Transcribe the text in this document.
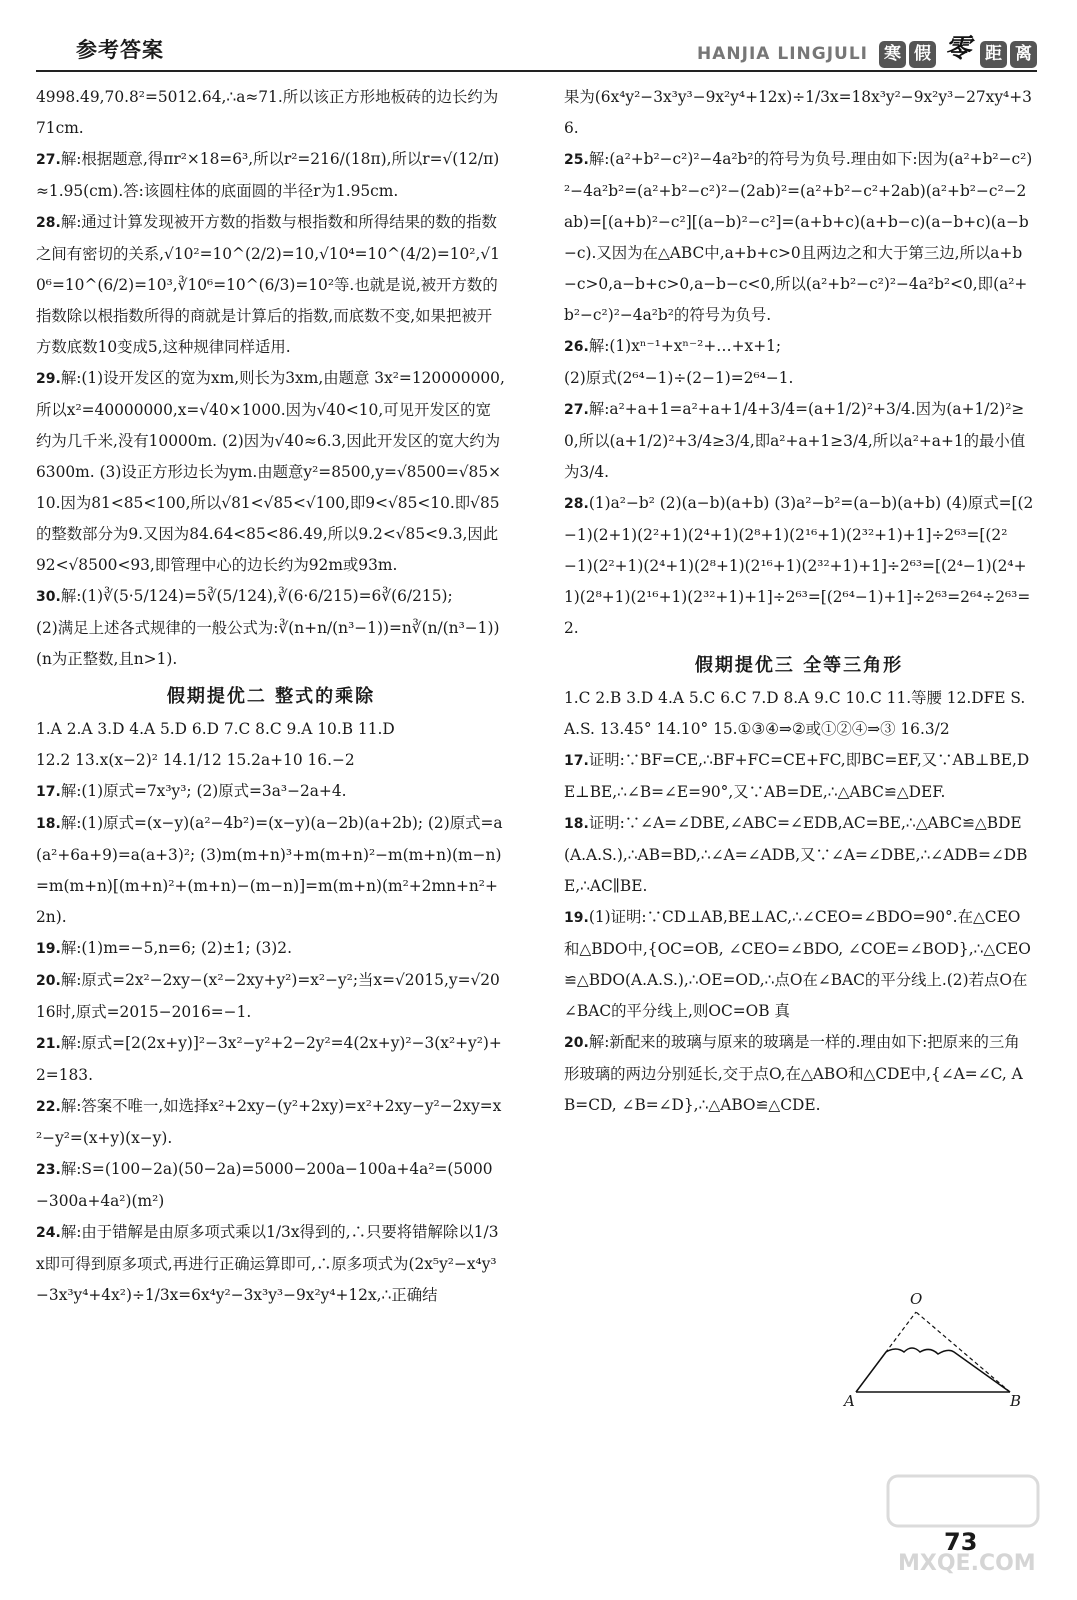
参考答案	HANJIA LINGJULI 寒 假 零 距 离

4998.49,70.8²=5012.64,∴a≈71.所以该正方形地板砖的边长约为71cm.

27.解:根据题意,得πr²×18=6³,所以r²=216/(18π),所以r=√(12/π)≈1.95(cm).答:该圆柱体的底面圆的半径r为1.95cm.

28.解:通过计算发现被开方数的指数与根指数和所得结果的数的指数之间有密切的关系,√10²=10^(2/2)=10,√10⁴=10^(4/2)=10²,√10⁶=10^(6/2)=10³,∛10⁶=10^(6/3)=10²等.也就是说,被开方数的指数除以根指数所得的商就是计算后的指数,而底数不变,如果把被开方数底数10变成5,这种规律同样适用.

29.解:(1)设开发区的宽为xm,则长为3xm,由题意 3x²=120000000,所以x²=40000000,x=√40×1000.因为√40<10,可见开发区的宽约为几千米,没有10000m. (2)因为√40≈6.3,因此开发区的宽大约为6300m. (3)设正方形边长为ym.由题意y²=8500,y=√8500=√85×10.因为81<85<100,所以√81<√85<√100,即9<√85<10.即√85的整数部分为9.又因为84.64<85<86.49,所以9.2<√85<9.3,因此92<√8500<93,即管理中心的边长约为92m或93m.

30.解:(1)∛(5·5/124)=5∛(5/124),∛(6·6/215)=6∛(6/215);

(2)满足上述各式规律的一般公式为:∛(n+n/(n³−1))=n∛(n/(n³−1))(n为正整数,且n>1).

假期提优二 整式的乘除

1.A 2.A 3.D 4.A 5.D 6.D 7.C 8.C 9.A 10.B 11.D

12.2 13.x(x−2)² 14.1/12 15.2a+10 16.−2

17.解:(1)原式=7x³y³; (2)原式=3a³−2a+4.

18.解:(1)原式=(x−y)(a²−4b²)=(x−y)(a−2b)(a+2b); (2)原式=a(a²+6a+9)=a(a+3)²; (3)m(m+n)³+m(m+n)²−m(m+n)(m−n)=m(m+n)[(m+n)²+(m+n)−(m−n)]=m(m+n)(m²+2mn+n²+2n).

19.解:(1)m=−5,n=6; (2)±1; (3)2.

20.解:原式=2x²−2xy−(x²−2xy+y²)=x²−y²;当x=√2015,y=√2016时,原式=2015−2016=−1.

21.解:原式=[2(2x+y)]²−3x²−y²+2−2y²=4(2x+y)²−3(x²+y²)+2=183.

22.解:答案不唯一,如选择x²+2xy−(y²+2xy)=x²+2xy−y²−2xy=x²−y²=(x+y)(x−y).

23.解:S=(100−2a)(50−2a)=5000−200a−100a+4a²=(5000−300a+4a²)(m²)

24.解:由于错解是由原多项式乘以1/3x得到的,∴只要将错解除以1/3x即可得到原多项式,再进行正确运算即可,∴原多项式为(2x⁵y²−x⁴y³−3x³y⁴+4x²)÷1/3x=6x⁴y²−3x³y³−9x²y⁴+12x,∴正确结

果为(6x⁴y²−3x³y³−9x²y⁴+12x)÷1/3x=18x³y²−9x²y³−27xy⁴+36.

25.解:(a²+b²−c²)²−4a²b²的符号为负号.理由如下:因为(a²+b²−c²)²−4a²b²=(a²+b²−c²)²−(2ab)²=(a²+b²−c²+2ab)(a²+b²−c²−2ab)=[(a+b)²−c²][(a−b)²−c²]=(a+b+c)(a+b−c)(a−b+c)(a−b−c).又因为在△ABC中,a+b+c>0且两边之和大于第三边,所以a+b−c>0,a−b+c>0,a−b−c<0,所以(a²+b²−c²)²−4a²b²<0,即(a²+b²−c²)²−4a²b²的符号为负号.

26.解:(1)xⁿ⁻¹+xⁿ⁻²+…+x+1;

(2)原式(2⁶⁴−1)÷(2−1)=2⁶⁴−1.

27.解:a²+a+1=a²+a+1/4+3/4=(a+1/2)²+3/4.因为(a+1/2)²≥0,所以(a+1/2)²+3/4≥3/4,即a²+a+1≥3/4,所以a²+a+1的最小值为3/4.

28.(1)a²−b² (2)(a−b)(a+b) (3)a²−b²=(a−b)(a+b) (4)原式=[(2−1)(2+1)(2²+1)(2⁴+1)(2⁸+1)(2¹⁶+1)(2³²+1)+1]÷2⁶³=[(2²−1)(2²+1)(2⁴+1)(2⁸+1)(2¹⁶+1)(2³²+1)+1]÷2⁶³=[(2⁴−1)(2⁴+1)(2⁸+1)(2¹⁶+1)(2³²+1)+1]÷2⁶³=[(2⁶⁴−1)+1]÷2⁶³=2⁶⁴÷2⁶³=2.

假期提优三 全等三角形

1.C 2.B 3.D 4.A 5.C 6.C 7.D 8.A 9.C 10.C 11.等腰 12.DFE S.A.S. 13.45° 14.10° 15.①③④⇒②或①②④⇒③ 16.3/2

17.证明:∵BF=CE,∴BF+FC=CE+FC,即BC=EF,又∵AB⊥BE,DE⊥BE,∴∠B=∠E=90°,又∵AB=DE,∴△ABC≌△DEF.

18.证明:∵∠A=∠DBE,∠ABC=∠EDB,AC=BE,∴△ABC≌△BDE(A.A.S.),∴AB=BD,∴∠A=∠ADB,又∵∠A=∠DBE,∴∠ADB=∠DBE,∴AC∥BE.

19.(1)证明:∵CD⊥AB,BE⊥AC,∴∠CEO=∠BDO=90°.在△CEO和△BDO中,{OC=OB, ∠CEO=∠BDO, ∠COE=∠BOD},∴△CEO≌△BDO(A.A.S.),∴OE=OD,∴点O在∠BAC的平分线上.(2)若点O在∠BAC的平分线上,则OC=OB 真

20.解:新配来的玻璃与原来的玻璃是一样的.理由如下:把原来的三角形玻璃的两边分别延长,交于点O,在△ABO和△CDE中,{∠A=∠C, AB=CD, ∠B=∠D},∴△ABO≌△CDE.

O
A	B
MXQE.COM
73
